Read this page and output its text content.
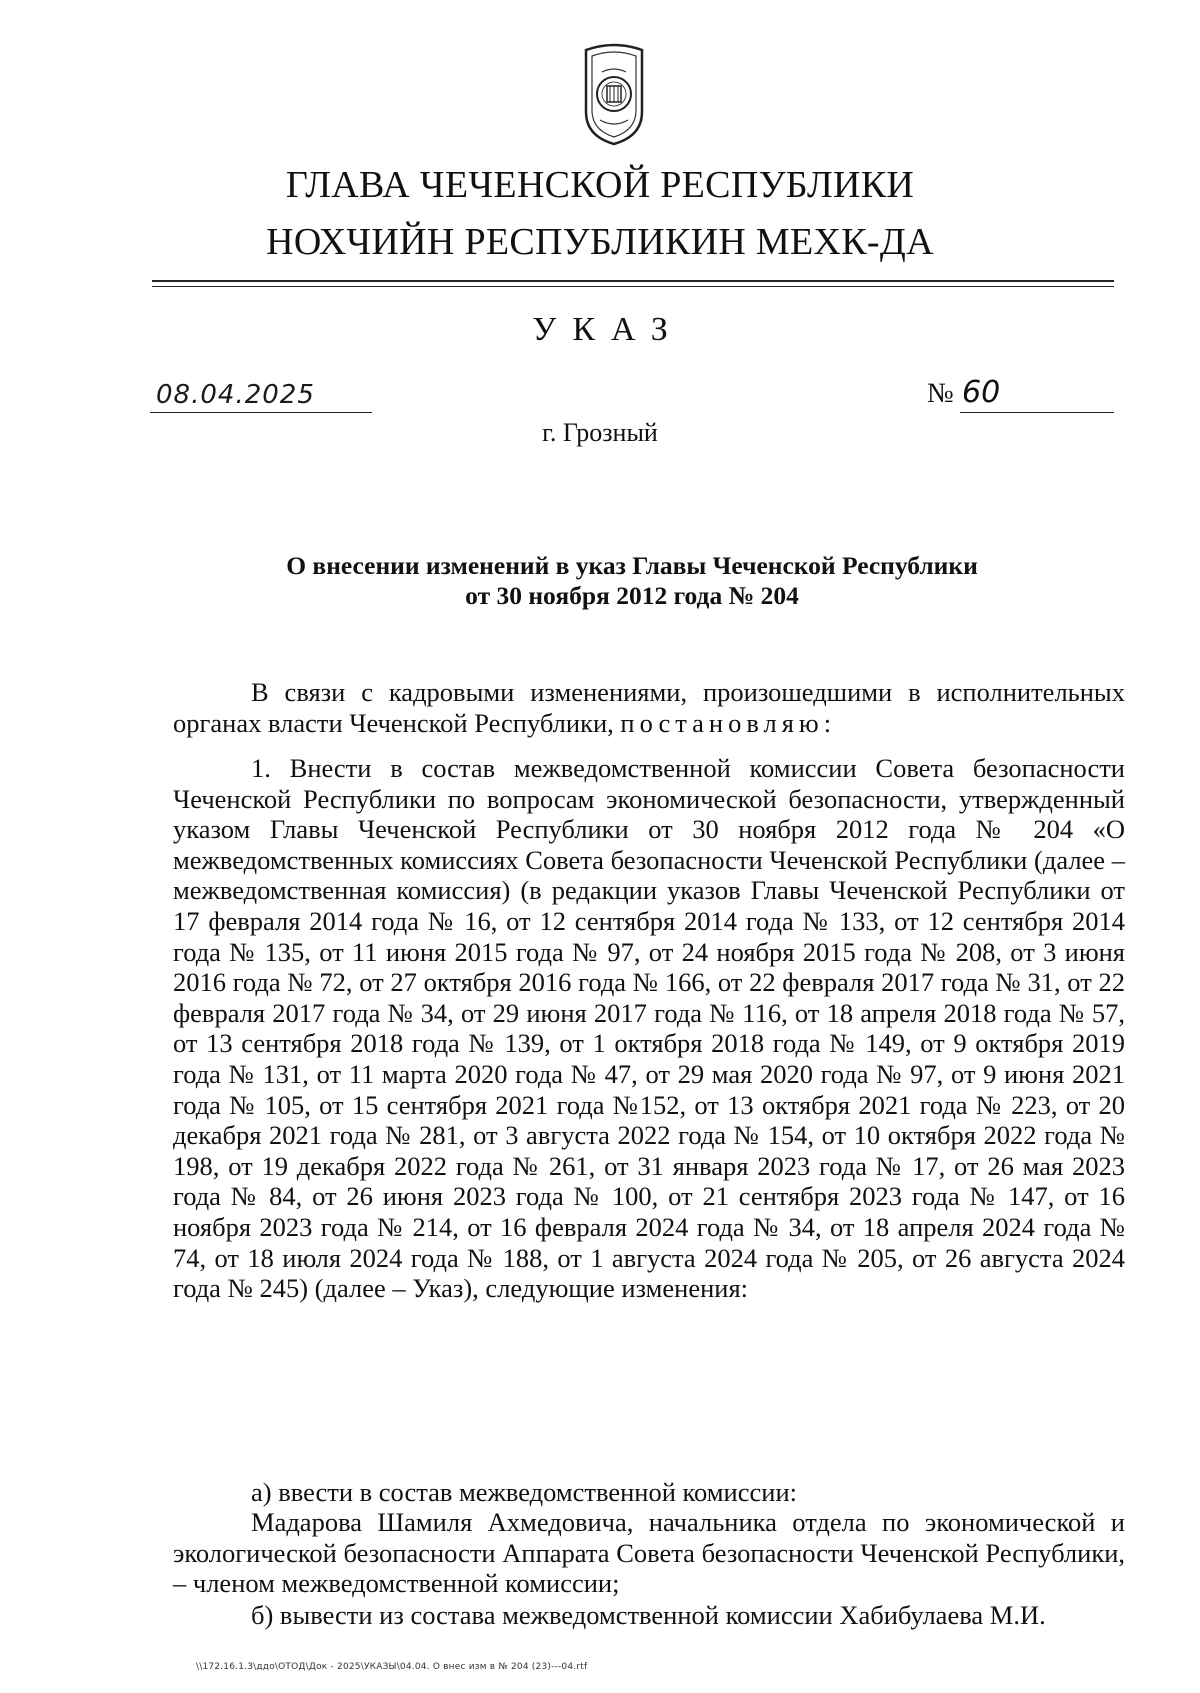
ГЛАВА ЧЕЧЕНСКОЙ РЕСПУБЛИКИ
НОХЧИЙН РЕСПУБЛИКИН МЕХК-ДА
УКАЗ
08.04.2025	№ 60
г. Грозный
О внесении изменений в указ Главы Чеченской Республики
от 30 ноября 2012 года № 204

В связи с кадровыми изменениями, произошедшими в исполнительных органах власти Чеченской Республики, постановляю:

1. Внести в состав межведомственной комиссии Совета безопасности Чеченской Республики по вопросам экономической безопасности, утвержденный указом Главы Чеченской Республики от 30 ноября 2012 года № 204 «О межведомственных комиссиях Совета безопасности Чеченской Республики (далее – межведомственная комиссия) (в редакции указов Главы Чеченской Республики от 17 февраля 2014 года № 16, от 12 сентября 2014 года № 133, от 12 сентября 2014 года № 135, от 11 июня 2015 года № 97, от 24 ноября 2015 года № 208, от 3 июня 2016 года № 72, от 27 октября 2016 года № 166, от 22 февраля 2017 года № 31, от 22 февраля 2017 года № 34, от 29 июня 2017 года № 116, от 18 апреля 2018 года № 57, от 13 сентября 2018 года № 139, от 1 октября 2018 года № 149, от 9 октября 2019 года № 131, от 11 марта 2020 года № 47, от 29 мая 2020 года № 97, от 9 июня 2021 года № 105, от 15 сентября 2021 года №152, от 13 октября 2021 года № 223, от 20 декабря 2021 года № 281, от 3 августа 2022 года № 154, от 10 октября 2022 года № 198, от 19 декабря 2022 года № 261, от 31 января 2023 года № 17, от 26 мая 2023 года № 84, от 26 июня 2023 года № 100, от 21 сентября 2023 года № 147, от 16 ноября 2023 года № 214, от 16 февраля 2024 года № 34, от 18 апреля 2024 года № 74, от 18 июля 2024 года № 188, от 1 августа 2024 года № 205, от 26 августа 2024 года № 245) (далее – Указ), следующие изменения:

а) ввести в состав межведомственной комиссии:

Мадарова Шамиля Ахмедовича, начальника отдела по экономической и экологической безопасности Аппарата Совета безопасности Чеченской Республики, – членом межведомственной комиссии;

б) вывести из состава межведомственной комиссии Хабибулаева М.И.

\\172.16.1.3\ддо\ОТОД\Док - 2025\УКАЗЫ\04.04. О внес изм в № 204 (23)---04.rtf
